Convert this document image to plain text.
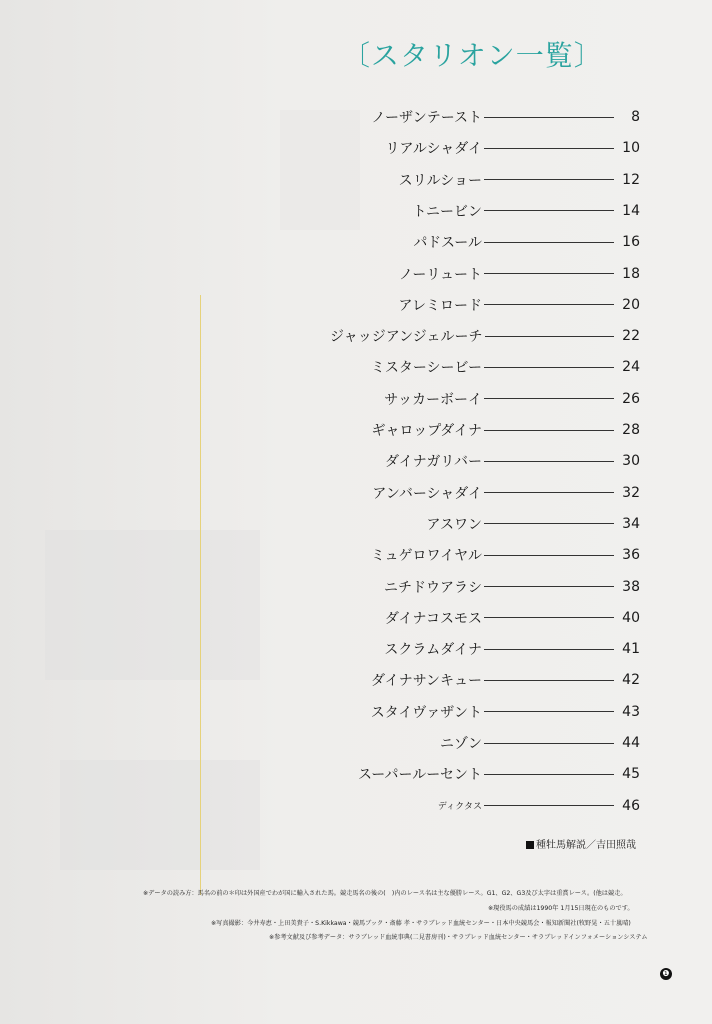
〔スタリオン一覧〕
ノーザンテースト	8
リアルシャダイ	10
スリルショー	12
トニービン	14
パドスール	16
ノーリュート	18
アレミロード	20
ジャッジアンジェルーチ	22
ミスターシービー	24
サッカーボーイ	26
ギャロップダイナ	28
ダイナガリバー	30
アンバーシャダイ	32
アスワン	34
ミュゲロワイヤル	36
ニチドウアラシ	38
ダイナコスモス	40
スクラムダイナ	41
ダイナサンキュー	42
スタイヴァザント	43
ニゾン	44
スーパールーセント	45
ディクタス	46
種牡馬解説／吉田照哉
※データの読み方：馬名の前の＊印は外国産でわが国に輸入された馬。競走馬名の後の(　)内のレース名は主な優勝レース。G1、G2、G3及び太字は重賞レース。(他は競走。
※現役馬の成績は1990年 1月15日現在のものです。
※写真撮影：今井寿恵・上田美貴子・S.Kikkawa・競馬ブック・斎藤 孝・サラブレッド血統センター・日本中央競馬会・報知新聞社(牧野晃・五十嵐晴)
※参考文献及び参考データ：サラブレッド血統事典(二見書房刊)・サラブレッド血統センター・サラブレッドインフォメーションシステム
❶
